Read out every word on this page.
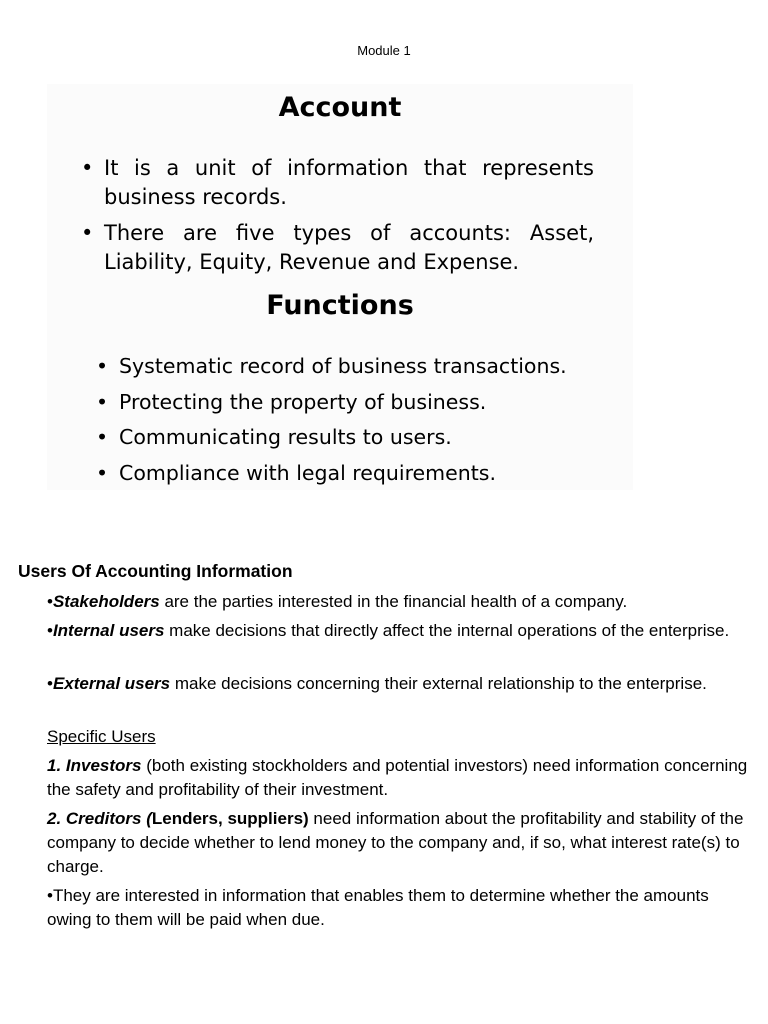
Module 1
Account
• It is a unit of information that represents business records.
• There are five types of accounts: Asset, Liability, Equity, Revenue and Expense.
Functions
• Systematic record of business transactions.
• Protecting the property of business.
• Communicating results to users.
• Compliance with legal requirements.
Users Of Accounting Information
•Stakeholders are the parties interested in the financial health of a company.
•Internal users make decisions that directly affect the internal operations of the enterprise.
•External users make decisions concerning their external relationship to the enterprise.
Specific Users
1. Investors (both existing stockholders and potential investors) need information concerning the safety and profitability of their investment.
2. Creditors (Lenders, suppliers) need information about the profitability and stability of the company to decide whether to lend money to the company and, if so, what interest rate(s) to charge.
•They are interested in information that enables them to determine whether the amounts owing to them will be paid when due.
